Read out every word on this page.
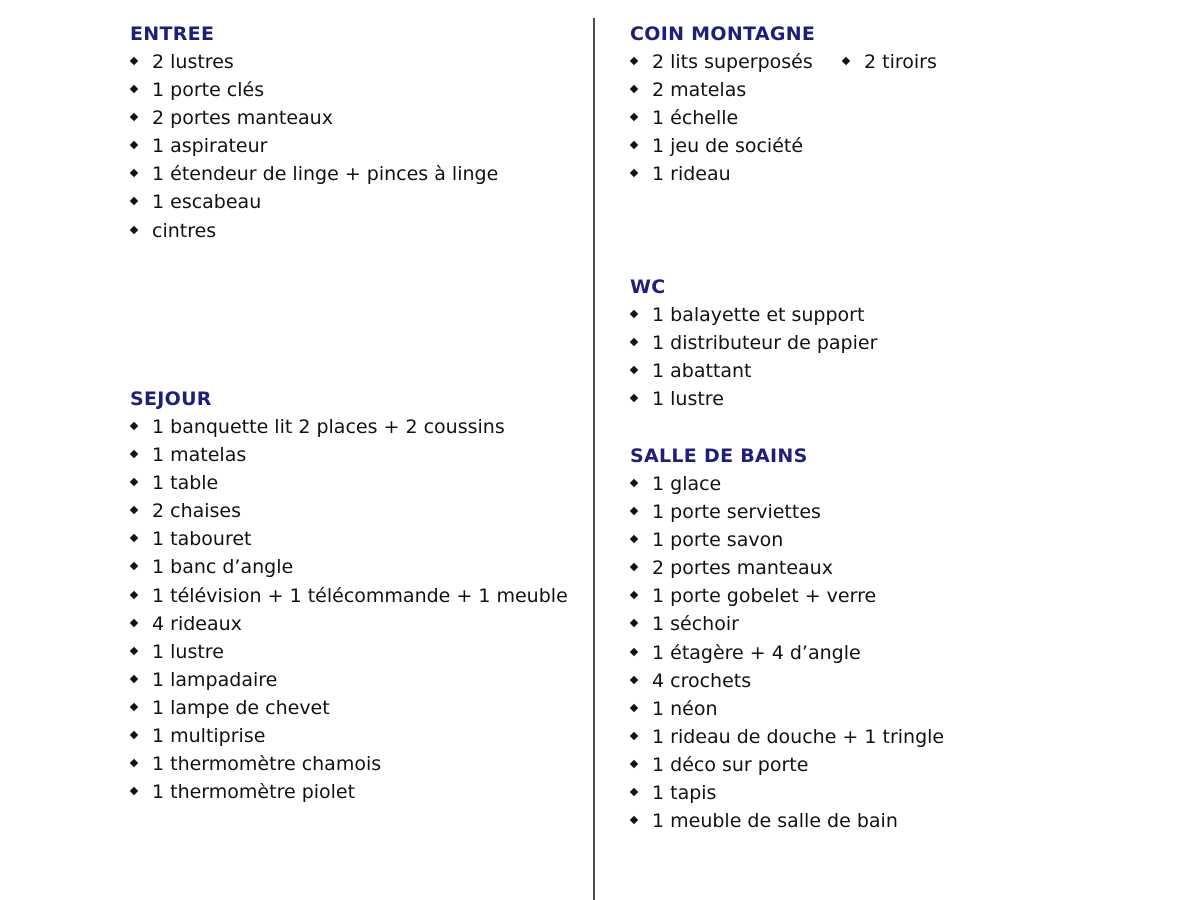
ENTREE
2 lustres
1 porte clés
2 portes manteaux
1 aspirateur
1 étendeur de linge + pinces à linge
1 escabeau
cintres
SEJOUR
1 banquette lit 2 places + 2 coussins
1 matelas
1 table
2 chaises
1 tabouret
1 banc d’angle
1 télévision + 1 télécommande + 1 meuble
4 rideaux
1 lustre
1 lampadaire
1 lampe de chevet
1 multiprise
1 thermomètre chamois
1 thermomètre piolet
COIN MONTAGNE
2 lits superposés	2 tiroirs
2 matelas
1 échelle
1 jeu de société
1 rideau
WC
1 balayette et support
1 distributeur de papier
1 abattant
1 lustre
SALLE DE BAINS
1 glace
1 porte serviettes
1 porte savon
2 portes manteaux
1 porte gobelet + verre
1 séchoir
1 étagère + 4 d’angle
4 crochets
1 néon
1 rideau de douche + 1 tringle
1 déco sur porte
1 tapis
1 meuble de salle de bain
